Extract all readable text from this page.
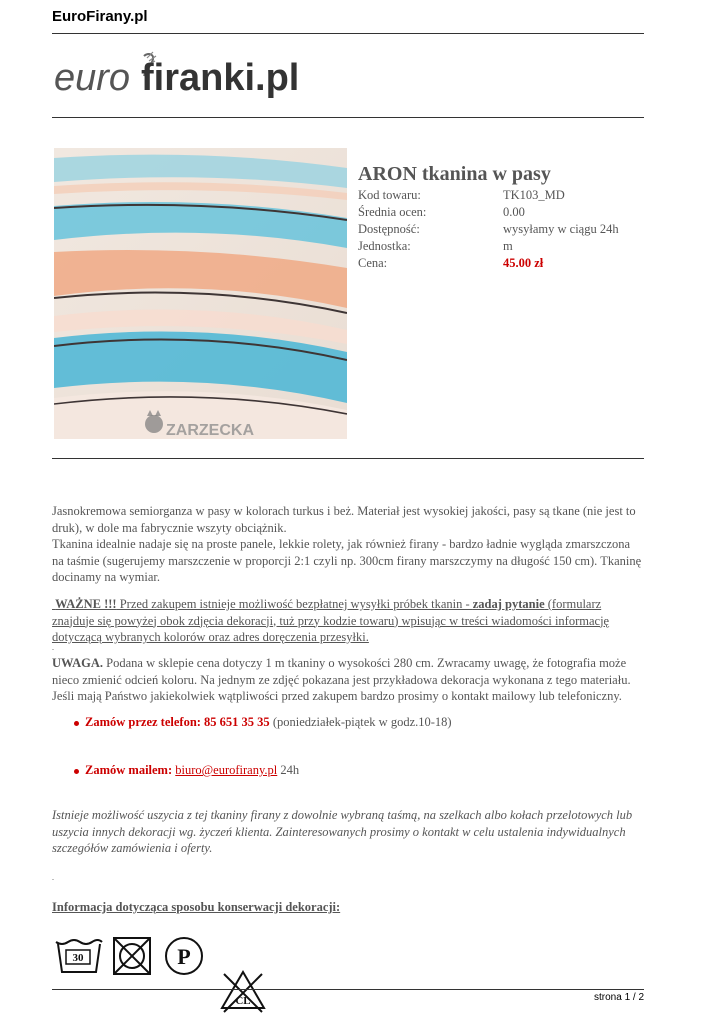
EuroFirany.pl
euro firanki.pl
ZARZECKA
ARON tkanina w pasy
Kod towaru:	TK103_MD
Średnia ocen:	0.00
Dostępność:	wysyłamy w ciągu 24h
Jednostka:	m
Cena:	45.00 zł

Jasnokremowa semiorganza w pasy w kolorach turkus i beż. Materiał jest wysokiej jakości, pasy są tkane (nie jest to druk), w dole ma fabrycznie wszyty obciążnik.

Tkanina idealnie nadaje się na proste panele, lekkie rolety, jak również firany - bardzo ładnie wygląda zmarszczona na taśmie (sugerujemy marszczenie w proporcji 2:1 czyli np. 300cm firany marszczymy na długość 150 cm). Tkaninę docinamy na wymiar.

WAŻNE !!! Przed zakupem istnieje możliwość bezpłatnej wysyłki próbek tkanin - zadaj pytanie (formularz znajduje się powyżej obok zdjęcia dekoracji, tuż przy kodzie towaru) wpisując w treści wiadomości informację dotyczącą wybranych kolorów oraz adres doręczenia przesyłki.
.
UWAGA. Podana w sklepie cena dotyczy 1 m tkaniny o wysokości 280 cm. Zwracamy uwagę, że fotografia może nieco zmienić odcień koloru. Na jednym ze zdjęć pokazana jest przykładowa dekoracja wykonana z tego materiału. Jeśli mają Państwo jakiekolwiek wątpliwości przed zakupem bardzo prosimy o kontakt mailowy lub telefoniczny.
Zamów przez telefon: 85 651 35 35 (poniedziałek-piątek w godz.10-18)
Zamów mailem: biuro@eurofirany.pl 24h
Istnieje możliwość uszycia z tej tkaniny firany z dowolnie wybraną taśmą, na szelkach albo kołach przelotowych lub uszycia innych dekoracji wg. życzeń klienta. Zainteresowanych prosimy o kontakt w celu ustalenia indywidualnych szczegółów zamówienia i oferty.
.
Informacja dotycząca sposobu konserwacji dekoracji:
30	P
CL	strona 1 / 2
